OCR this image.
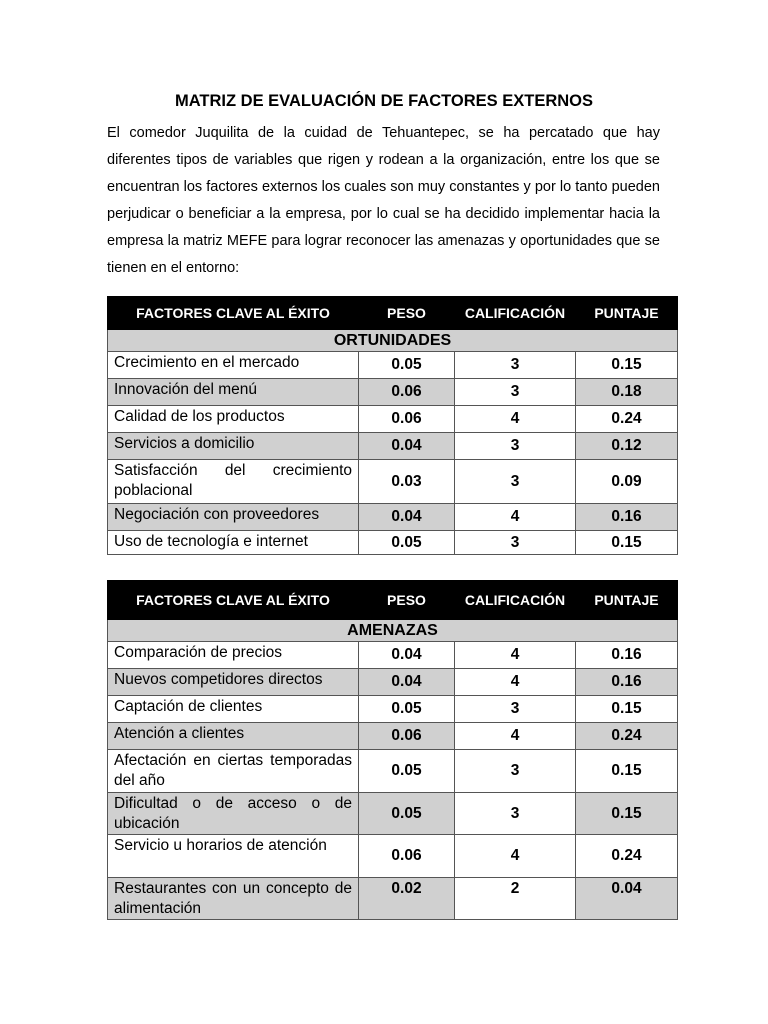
MATRIZ DE EVALUACIÓN DE FACTORES EXTERNOS
El comedor Juquilita de la cuidad de Tehuantepec, se ha percatado que hay diferentes tipos de variables que rigen y rodean a la organización, entre los que se encuentran los factores externos los cuales son muy constantes y por lo tanto pueden perjudicar o beneficiar a la empresa, por lo cual se ha decidido implementar hacia la empresa la matriz MEFE para lograr reconocer las amenazas y oportunidades que se tienen en el entorno:
FACTORES CLAVE AL ÉXITO	PESO	CALIFICACIÓN	PUNTAJE
ORTUNIDADES			
Crecimiento en el mercado	0.05	3	0.15
Innovación del menú	0.06	3	0.18
Calidad de los productos	0.06	4	0.24
Servicios a domicilio	0.04	3	0.12
Satisfacción del crecimiento poblacional	0.03	3	0.09
Negociación con proveedores	0.04	4	0.16
Uso de tecnología e internet	0.05	3	0.15
FACTORES CLAVE AL ÉXITO	PESO	CALIFICACIÓN	PUNTAJE
AMENAZAS			
Comparación de precios	0.04	4	0.16
Nuevos competidores directos	0.04	4	0.16
Captación de clientes	0.05	3	0.15
Atención a clientes	0.06	4	0.24
Afectación en ciertas temporadas del año	0.05	3	0.15
Dificultad o de acceso o de ubicación	0.05	3	0.15
Servicio u horarios de atención	0.06	4	0.24
Restaurantes con un concepto de alimentación	0.02	2	0.04
